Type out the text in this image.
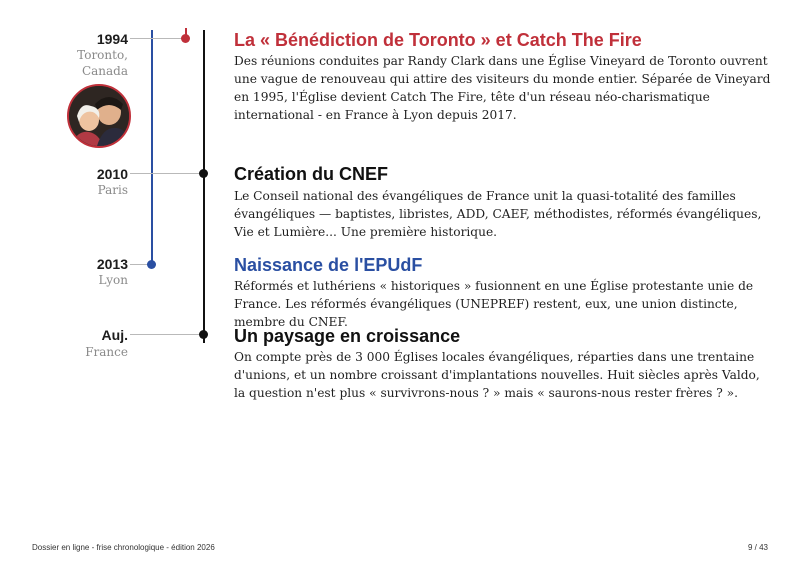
1994
Toronto, Canada
La « Bénédiction de Toronto » et Catch The Fire
Des réunions conduites par Randy Clark dans une Église Vineyard de Toronto ouvrent une vague de renouveau qui attire des visiteurs du monde entier. Séparée de Vineyard en 1995, l'Église devient Catch The Fire, tête d'un réseau néo-charismatique international - en France à Lyon depuis 2017.
2010
Paris
Création du CNEF
Le Conseil national des évangéliques de France unit la quasi-totalité des familles évangéliques — baptistes, libristes, ADD, CAEF, méthodistes, réformés évangéliques, Vie et Lumière... Une première historique.
2013
Lyon
Naissance de l'EPUdF
Réformés et luthériens « historiques » fusionnent en une Église protestante unie de France. Les réformés évangéliques (UNEPREF) restent, eux, une union distincte, membre du CNEF.
Auj.
France
Un paysage en croissance
On compte près de 3 000 Églises locales évangéliques, réparties dans une trentaine d'unions, et un nombre croissant d'implantations nouvelles. Huit siècles après Valdo, la question n'est plus « survivrons-nous ? » mais « saurons-nous rester frères ? ».
Dossier en ligne - frise chronologique - édition 2026	9 / 43
